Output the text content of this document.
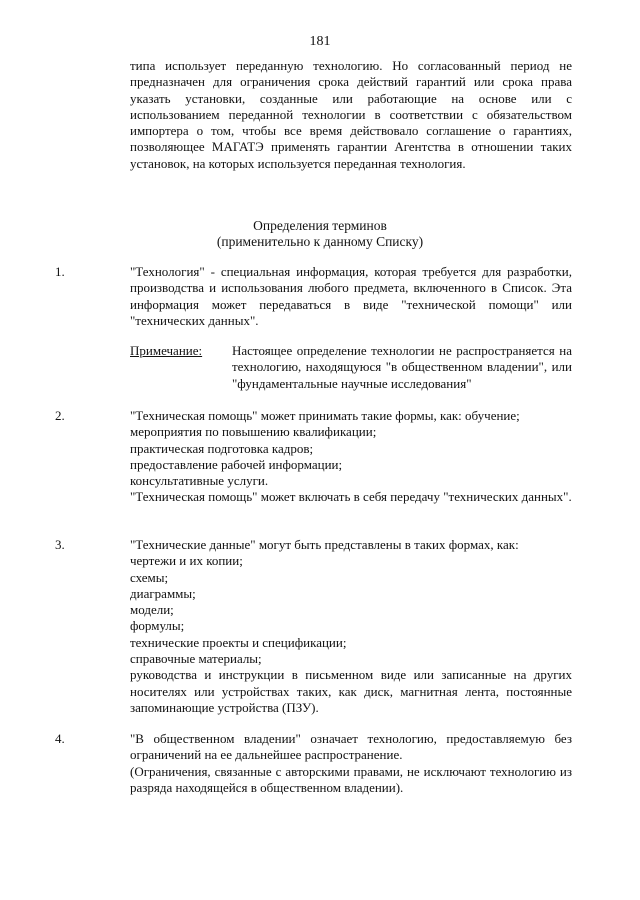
181
типа использует переданную технологию. Но согласованный период не предназначен для ограничения срока действий гарантий или срока права указать установки, созданные или работающие на основе или с использованием переданной технологии в соответствии с обязательством импортера о том, чтобы все время действовало соглашение о гарантиях, позволяющее МАГАТЭ применять гарантии Агентства в отношении таких установок, на которых используется переданная технология.
Определения терминов
(применительно к данному Списку)
1.	"Технология" - специальная информация, которая требуется для разработки, производства и использования любого предмета, включенного в Список. Эта информация может передаваться в виде "технической помощи" или "технических данных".
Примечание: Настоящее определение технологии не распространяется на технологию, находящуюся "в общественном владении", или "фундаментальные научные исследования"
2.	"Техническая помощь" может принимать такие формы, как: обучение;
мероприятия по повышению квалификации;
практическая подготовка кадров;
предоставление рабочей информации;
консультативные услуги.
"Техническая помощь" может включать в себя передачу "технических данных".
3.	"Технические данные" могут быть представлены в таких формах, как:
чертежи и их копии;
схемы;
диаграммы;
модели;
формулы;
технические проекты и спецификации;
справочные материалы;
руководства и инструкции в письменном виде или записанные на других носителях или устройствах таких, как диск, магнитная лента, постоянные запоминающие устройства (ПЗУ).
4.	"В общественном владении" означает технологию, предоставляемую без ограничений на ее дальнейшее распространение.
(Ограничения, связанные с авторскими правами, не исключают технологию из разряда находящейся в общественном владении).
